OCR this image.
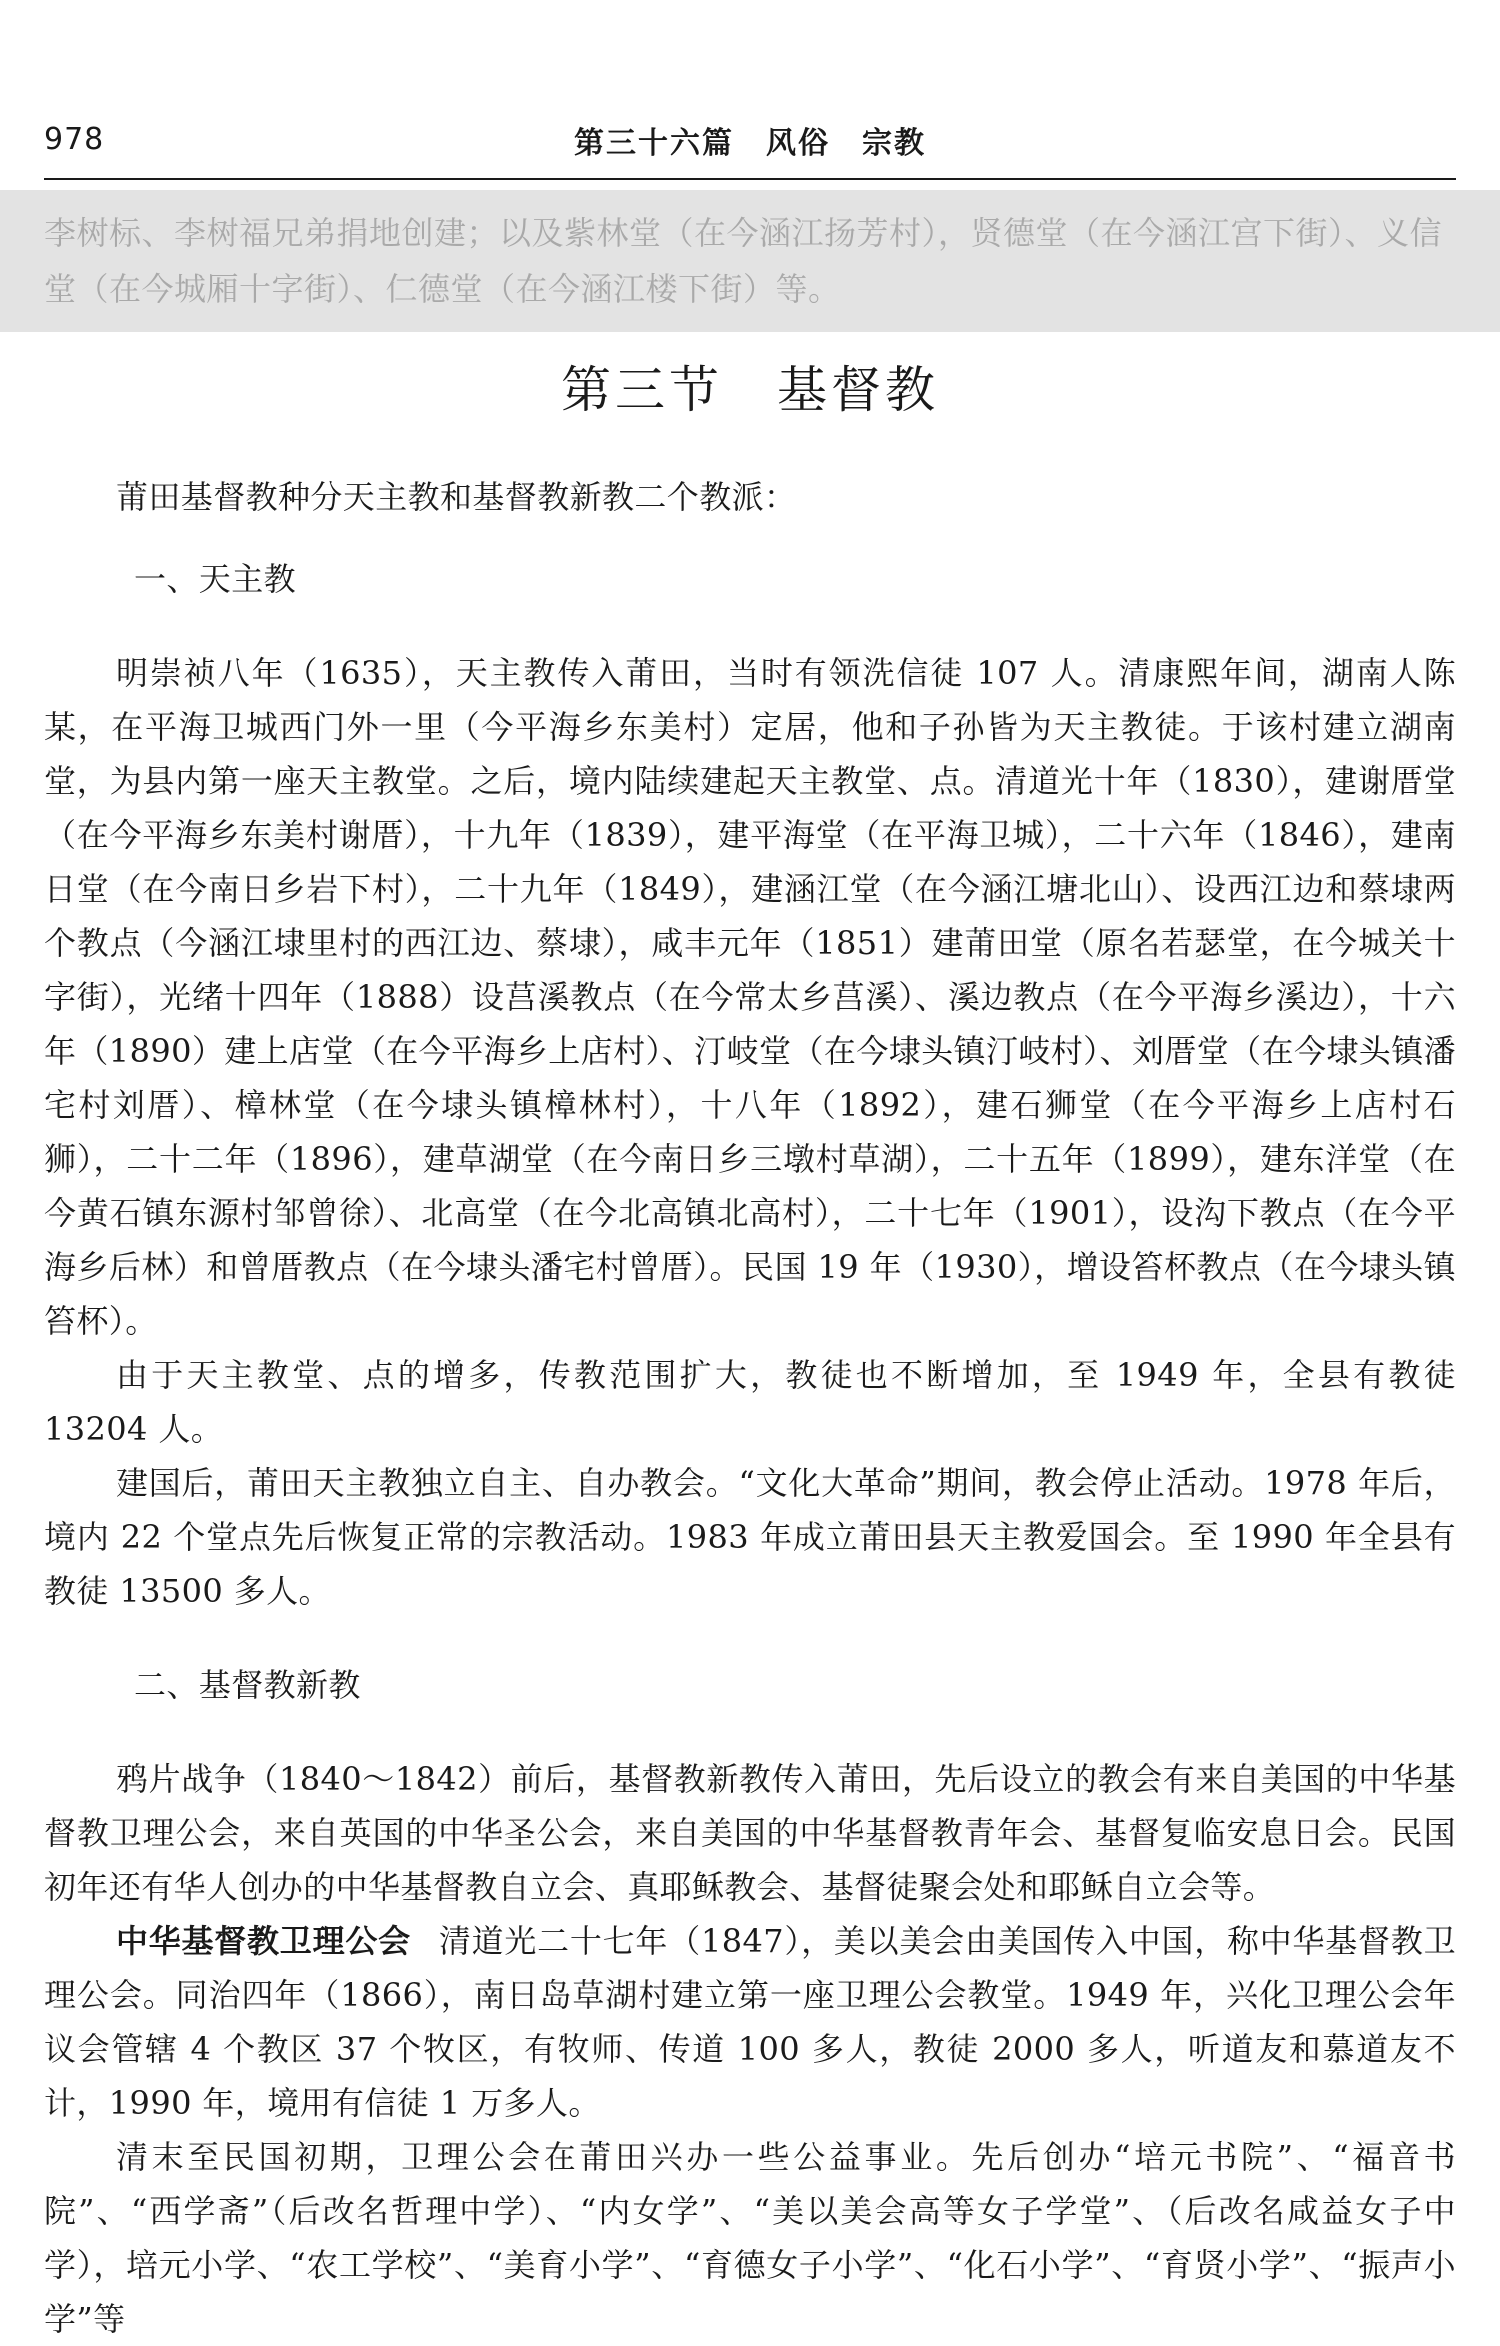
978	第三十六篇　风俗　宗教

李树标、李树福兄弟捐地创建；以及紫林堂（在今涵江扬芳村），贤德堂（在今涵江宫下街）、义信

堂（在今城厢十字街）、仁德堂（在今涵江楼下街）等。

第三节　基督教

莆田基督教种分天主教和基督教新教二个教派：

一、天主教

明崇祯八年（1635），天主教传入莆田，当时有领洗信徒 107 人。清康熙年间，湖南人陈某，在平海卫城西门外一里（今平海乡东美村）定居，他和子孙皆为天主教徒。于该村建立湖南堂，为县内第一座天主教堂。之后，境内陆续建起天主教堂、点。清道光十年（1830），建谢厝堂（在今平海乡东美村谢厝），十九年（1839），建平海堂（在平海卫城），二十六年（1846），建南日堂（在今南日乡岩下村），二十九年（1849），建涵江堂（在今涵江塘北山）、设西江边和蔡埭两个教点（今涵江埭里村的西江边、蔡埭），咸丰元年（1851）建莆田堂（原名若瑟堂，在今城关十字街），光绪十四年（1888）设莒溪教点（在今常太乡莒溪）、溪边教点（在今平海乡溪边），十六年（1890）建上店堂（在今平海乡上店村）、汀岐堂（在今埭头镇汀岐村）、刘厝堂（在今埭头镇潘宅村刘厝）、樟林堂（在今埭头镇樟林村），十八年（1892），建石狮堂（在今平海乡上店村石狮），二十二年（1896），建草湖堂（在今南日乡三墩村草湖），二十五年（1899），建东洋堂（在今黄石镇东源村邹曾徐）、北高堂（在今北高镇北高村），二十七年（1901），设沟下教点（在今平海乡后林）和曾厝教点（在今埭头潘宅村曾厝）。民国 19 年（1930），增设笞杯教点（在今埭头镇笞杯）。

由于天主教堂、点的增多，传教范围扩大，教徒也不断增加，至 1949 年，全县有教徒 13204 人。

建国后，莆田天主教独立自主、自办教会。“文化大革命”期间，教会停止活动。1978 年后，境内 22 个堂点先后恢复正常的宗教活动。1983 年成立莆田县天主教爱国会。至 1990 年全县有教徒 13500 多人。

二、基督教新教

鸦片战争（1840～1842）前后，基督教新教传入莆田，先后设立的教会有来自美国的中华基督教卫理公会，来自英国的中华圣公会，来自美国的中华基督教青年会、基督复临安息日会。民国初年还有华人创办的中华基督教自立会、真耶稣教会、基督徒聚会处和耶稣自立会等。

中华基督教卫理公会 清道光二十七年（1847），美以美会由美国传入中国，称中华基督教卫理公会。同治四年（1866），南日岛草湖村建立第一座卫理公会教堂。1949 年，兴化卫理公会年议会管辖 4 个教区 37 个牧区，有牧师、传道 100 多人，教徒 2000 多人，听道友和慕道友不计，1990 年，境用有信徒 1 万多人。

清末至民国初期，卫理公会在莆田兴办一些公益事业。先后创办“培元书院”、“福音书院”、“西学斋”（后改名哲理中学）、“内女学”、“美以美会高等女子学堂”、（后改名咸益女子中学），培元小学、“农工学校”、“美育小学”、“育德女子小学”、“化石小学”、“育贤小学”、“振声小学”等
